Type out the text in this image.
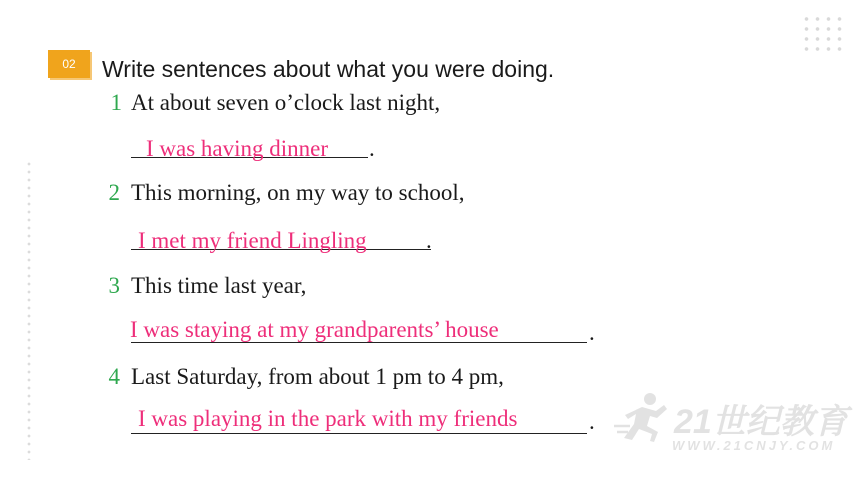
02	Write sentences about what you were doing.
1 At about seven o’clock last night,
I was having dinner .
2 This morning, on my way to school,
I met my friend Lingling	.
3 This time last year,
I was staying at my grandparents’ house	.
4 Last Saturday, from about 1 pm to 4 pm,
I was playing in the park with my friends	. 21世纪教育
WWW.21CNJY.COM
